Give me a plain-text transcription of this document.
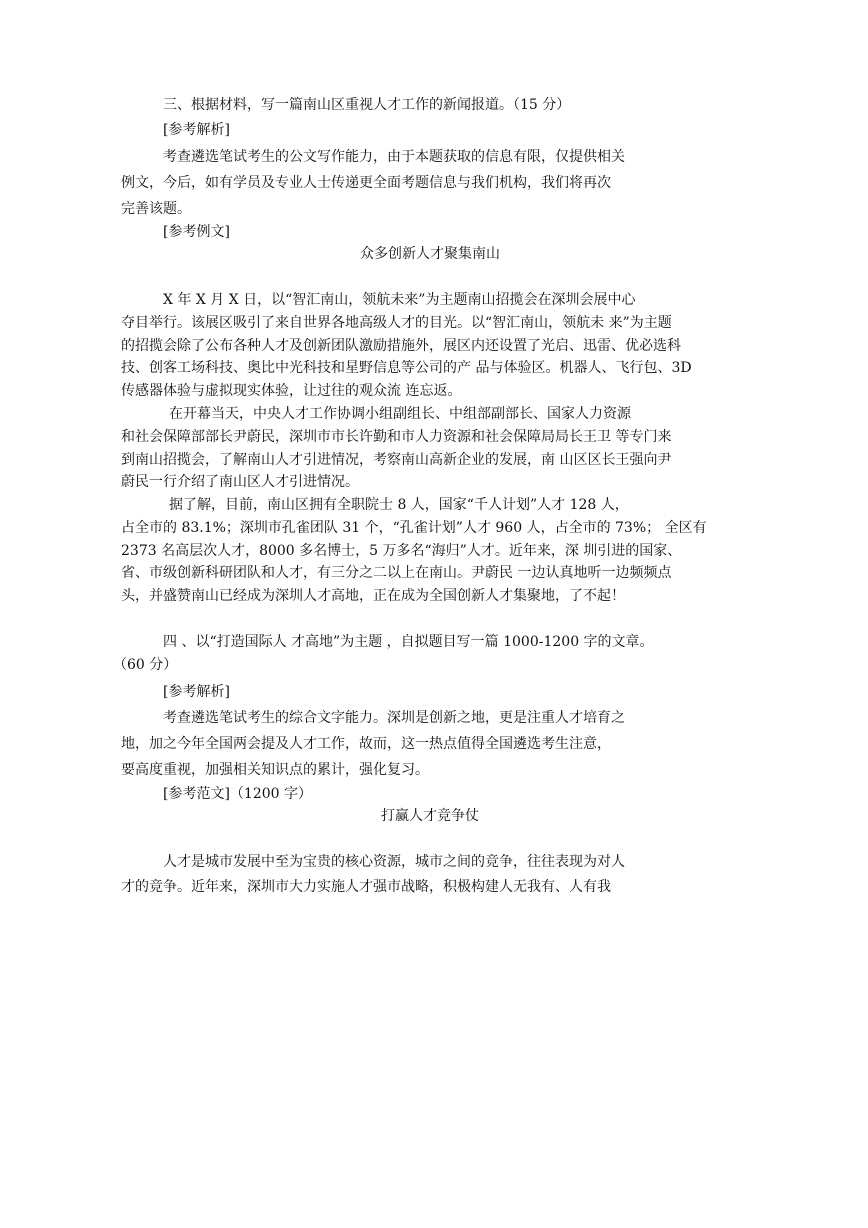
三、根据材料，写一篇南山区重视人才工作的新闻报道。（15 分）

[参考解析]

考查遴选笔试考生的公文写作能力，由于本题获取的信息有限，仅提供相关

例文，今后，如有学员及专业人士传递更全面考题信息与我们机构，我们将再次

完善该题。

[参考例文]

众多创新人才聚集南山

X 年 X 月 X 日，以“智汇南山，领航未来”为主题南山招揽会在深圳会展中心

夺目举行。该展区吸引了来自世界各地高级人才的目光。以“智汇南山，领航未 来”为主题

的招揽会除了公布各种人才及创新团队激励措施外，展区内还设置了光启、迅雷、优必选科

技、创客工场科技、奥比中光科技和星野信息等公司的产 品与体验区。机器人、飞行包、3D

传感器体验与虚拟现实体验，让过往的观众流 连忘返。

在开幕当天，中央人才工作协调小组副组长、中组部副部长、国家人力资源

和社会保障部部长尹蔚民，深圳市市长许勤和市人力资源和社会保障局局长王卫 等专门来

到南山招揽会，了解南山人才引进情况，考察南山高新企业的发展，南 山区区长王强向尹

蔚民一行介绍了南山区人才引进情况。

据了解，目前，南山区拥有全职院士 8 人，国家“千人计划”人才 128 人，

占全市的 83.1%；深圳市孔雀团队 31 个，“孔雀计划”人才 960 人，占全市的 73%； 全区有

2373 名高层次人才，8000 多名博士，5 万多名“海归”人才。近年来，深 圳引进的国家、

省、市级创新科研团队和人才，有三分之二以上在南山。尹蔚民 一边认真地听一边频频点

头，并盛赞南山已经成为深圳人才高地，正在成为全国创新人才集聚地，了不起！

四 、以“打造国际人 才高地”为主题 ，自拟题目写一篇 1000-1200 字的文章。

（60 分）

[参考解析]

考查遴选笔试考生的综合文字能力。深圳是创新之地，更是注重人才培育之

地，加之今年全国两会提及人才工作，故而，这一热点值得全国遴选考生注意，

要高度重视，加强相关知识点的累计，强化复习。

[参考范文]（1200 字）

打赢人才竞争仗

人才是城市发展中至为宝贵的核心资源，城市之间的竞争，往往表现为对人

才的竞争。近年来，深圳市大力实施人才强市战略，积极构建人无我有、人有我
